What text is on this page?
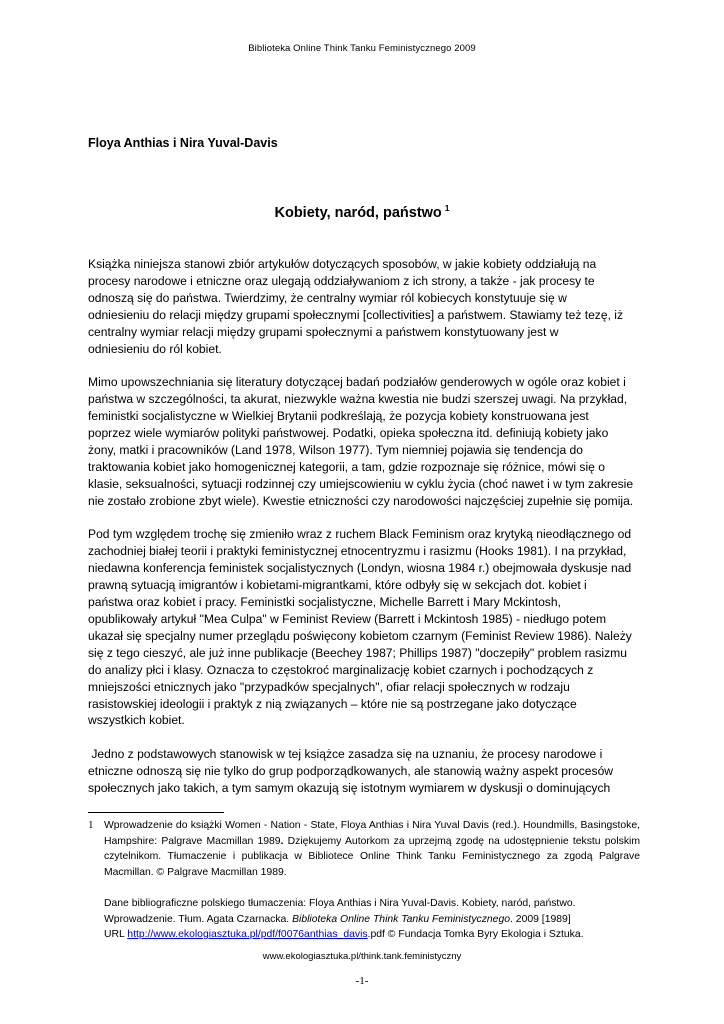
Biblioteka Online Think Tanku Feministycznego 2009
Floya Anthias i Nira Yuval-Davis
Kobiety, naród, państwo $^1$

Książka niniejsza stanowi zbiór artykułów dotyczących sposobów, w jakie kobiety oddziałują na
procesy narodowe i etniczne oraz ulegają oddziaływaniom z ich strony, a także - jak procesy te
odnoszą się do państwa. Twierdzimy, że centralny wymiar ról kobiecych konstytuuje się w
odniesieniu do relacji między grupami społecznymi [collectivities] a państwem. Stawiamy też tezę, iż
centralny wymiar relacji między grupami społecznymi a państwem konstytuowany jest w
odniesieniu do ról kobiet.

Mimo upowszechniania się literatury dotyczącej badań podziałów genderowych w ogóle oraz kobiet i
państwa w szczególności, ta akurat, niezwykle ważna kwestia nie budzi szerszej uwagi. Na przykład,
feministki socjalistyczne w Wielkiej Brytanii podkreślają, że pozycja kobiety konstruowana jest
poprzez wiele wymiarów polityki państwowej. Podatki, opieka społeczna itd. definiują kobiety jako
żony, matki i pracowników (Land 1978, Wilson 1977). Tym niemniej pojawia się tendencja do
traktowania kobiet jako homogenicznej kategorii, a tam, gdzie rozpoznaje się różnice, mówi się o
klasie, seksualności, sytuacji rodzinnej czy umiejscowieniu w cyklu życia (choć nawet i w tym zakresie
nie zostało zrobione zbyt wiele). Kwestie etniczności czy narodowości najczęściej zupełnie się pomija.

Pod tym względem trochę się zmieniło wraz z ruchem Black Feminism oraz krytyką nieodłącznego od
zachodniej białej teorii i praktyki feministycznej etnocentryzmu i rasizmu (Hooks 1981). I na przykład,
niedawna konferencja feministek socjalistycznych (Londyn, wiosna 1984 r.) obejmowała dyskusje nad
prawną sytuacją imigrantów i kobietami-migrantkami, które odbyły się w sekcjach dot. kobiet i
państwa oraz kobiet i pracy. Feministki socjalistyczne, Michelle Barrett i Mary Mckintosh,
opublikowały artykuł "Mea Culpa" w Feminist Review (Barrett i Mckintosh 1985) - niedługo potem
ukazał się specjalny numer przeglądu poświęcony kobietom czarnym (Feminist Review 1986). Należy
się z tego cieszyć, ale już inne publikacje (Beechey 1987; Phillips 1987) "doczepiły" problem rasizmu
do analizy płci i klasy. Oznacza to częstokroć marginalizację kobiet czarnych i pochodzących z
mniejszości etnicznych jako "przypadków specjalnych", ofiar relacji społecznych w rodzaju
rasistowskiej ideologii i praktyk z nią związanych – które nie są postrzegane jako dotyczące
wszystkich kobiet.

Jedno z podstawowych stanowisk w tej książce zasadza się na uznaniu, że procesy narodowe i
etniczne odnoszą się nie tylko do grup podporządkowanych, ale stanowią ważny aspekt procesów
społecznych jako takich, a tym samym okazują się istotnym wymiarem w dyskusji o dominujących

1	Wprowadzenie do książki Women - Nation - State, Floya Anthias i Nira Yuval Davis (red.). Houndmills, Basingstoke, Hampshire: Palgrave Macmillan 1989. Dziękujemy Autorkom za uprzejmą zgodę na udostępnienie tekstu polskim czytelnikom. Tłumaczenie i publikacja w Bibliotece Online Think Tanku Feministycznego za zgodą Palgrave Macmillan. © Palgrave Macmillan 1989.
Dane bibliograficzne polskiego tłumaczenia: Floya Anthias i Nira Yuval-Davis. Kobiety, naród, państwo.
Wprowadzenie. Tłum. Agata Czarnacka. Biblioteka Online Think Tanku Feministycznego. 2009 [1989]
URL http://www.ekologiasztuka.pl/pdf/f0076anthias_davis.pdf © Fundacja Tomka Byry Ekologia i Sztuka.
www.ekologiasztuka.pl/think.tank.feministyczny
-1-
